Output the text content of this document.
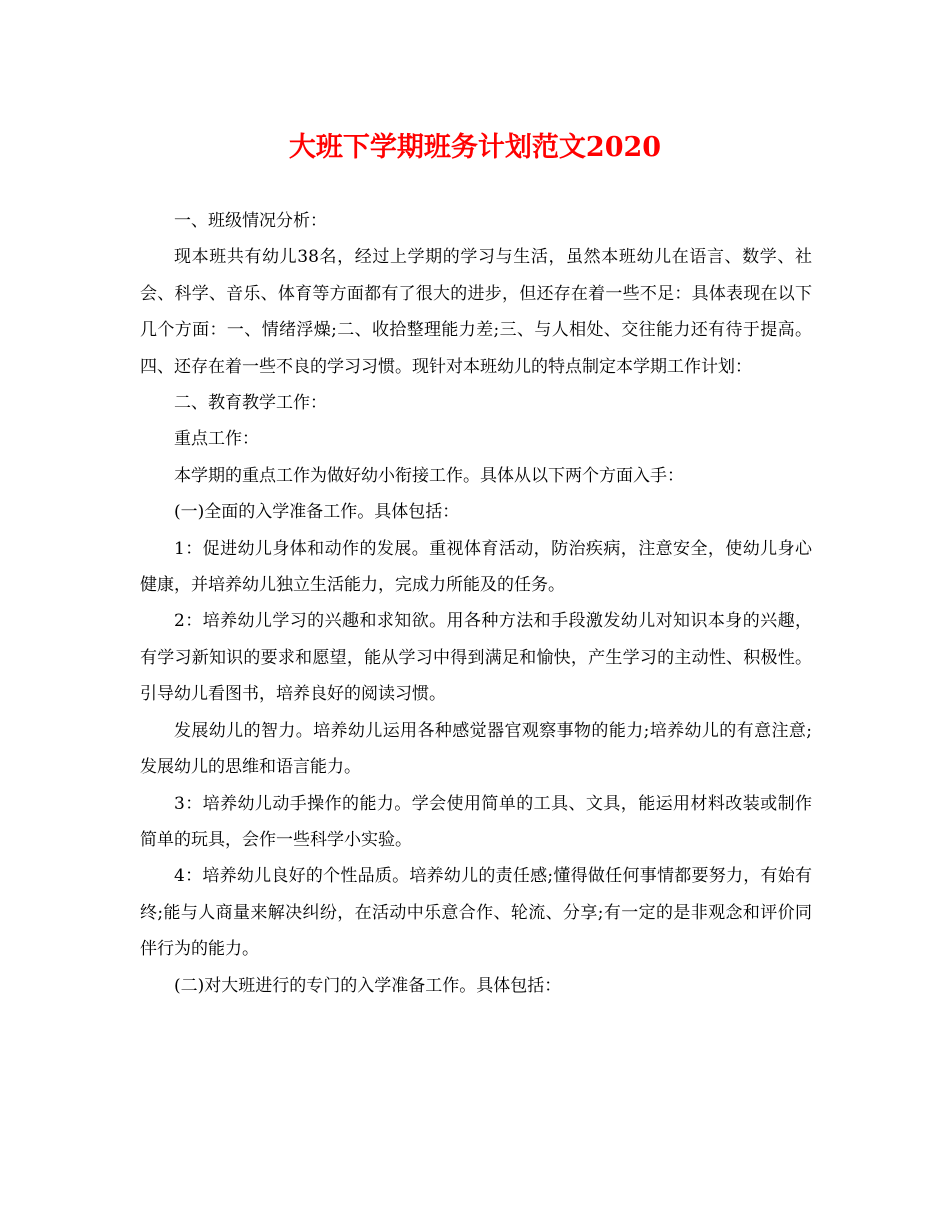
大班下学期班务计划范文2020

一、班级情况分析：

现本班共有幼儿38名，经过上学期的学习与生活，虽然本班幼儿在语言、数学、社会、科学、音乐、体育等方面都有了很大的进步，但还存在着一些不足：具体表现在以下几个方面：一、情绪浮燥;二、收拾整理能力差;三、与人相处、交往能力还有待于提高。四、还存在着一些不良的学习习惯。现针对本班幼儿的特点制定本学期工作计划：

二、教育教学工作：

重点工作：

本学期的重点工作为做好幼小衔接工作。具体从以下两个方面入手：

(一)全面的入学准备工作。具体包括：

1：促进幼儿身体和动作的发展。重视体育活动，防治疾病，注意安全，使幼儿身心健康，并培养幼儿独立生活能力，完成力所能及的任务。

2：培养幼儿学习的兴趣和求知欲。用各种方法和手段激发幼儿对知识本身的兴趣，有学习新知识的要求和愿望，能从学习中得到满足和愉快，产生学习的主动性、积极性。引导幼儿看图书，培养良好的阅读习惯。

发展幼儿的智力。培养幼儿运用各种感觉器官观察事物的能力;培养幼儿的有意注意;发展幼儿的思维和语言能力。

3：培养幼儿动手操作的能力。学会使用简单的工具、文具，能运用材料改装或制作简单的玩具，会作一些科学小实验。

4：培养幼儿良好的个性品质。培养幼儿的责任感;懂得做任何事情都要努力，有始有终;能与人商量来解决纠纷，在活动中乐意合作、轮流、分享;有一定的是非观念和评价同伴行为的能力。

(二)对大班进行的专门的入学准备工作。具体包括：
